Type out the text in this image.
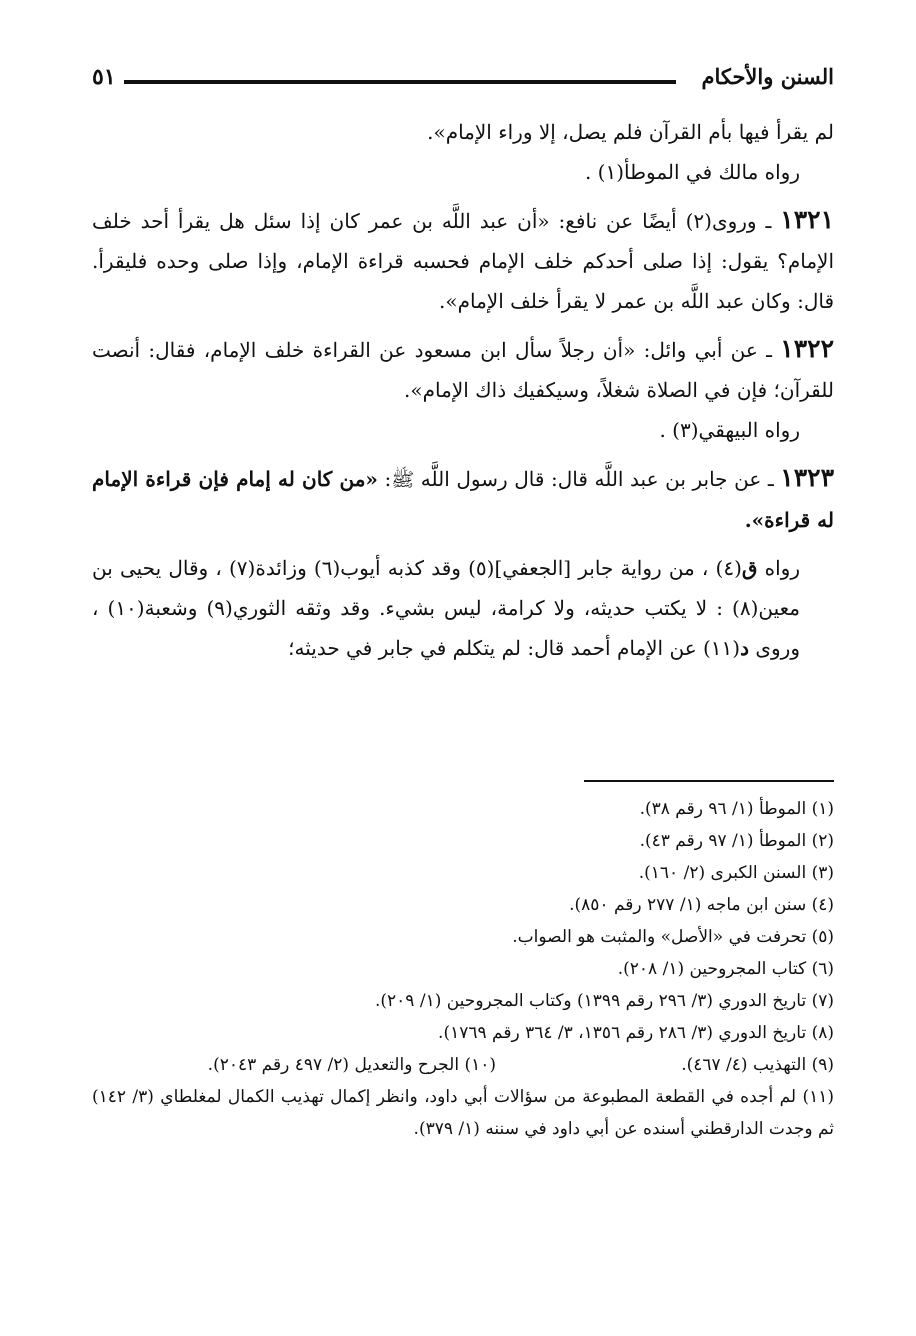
السنن والأحكام
٥١

لم يقرأ فيها بأم القرآن فلم يصل، إلا وراء الإمام».

رواه مالك في الموطأ(١) .

١٣٢١ ـ وروى(٢) أيضًا عن نافع: «أن عبد اللَّه بن عمر كان إذا سئل هل يقرأ أحد خلف الإمام؟ يقول: إذا صلى أحدكم خلف الإمام فحسبه قراءة الإمام، وإذا صلى وحده فليقرأ. قال: وكان عبد اللَّه بن عمر لا يقرأ خلف الإمام».

١٣٢٢ ـ عن أبي وائل: «أن رجلاً سأل ابن مسعود عن القراءة خلف الإمام، فقال: أنصت للقرآن؛ فإن في الصلاة شغلاً، وسيكفيك ذاك الإمام».

رواه البيهقي(٣) .

١٣٢٣ ـ عن جابر بن عبد اللَّه قال: قال رسول اللَّه ﷺ: «من كان له إمام فإن قراءة الإمام له قراءة».

رواه ق(٤) ، من رواية جابر [الجعفي](٥) وقد كذبه أيوب(٦) وزائدة(٧) ، وقال يحيى بن معين(٨) : لا يكتب حديثه، ولا كرامة، ليس بشيء. وقد وثقه الثوري(٩) وشعبة(١٠) ، وروى د(١١) عن الإمام أحمد قال: لم يتكلم في جابر في حديثه؛

(١) الموطأ (١/ ٩٦ رقم ٣٨).

(٢) الموطأ (١/ ٩٧ رقم ٤٣).

(٣) السنن الكبرى (٢/ ١٦٠).

(٤) سنن ابن ماجه (١/ ٢٧٧ رقم ٨٥٠).

(٥) تحرفت في «الأصل» والمثبت هو الصواب.

(٦) كتاب المجروحين (١/ ٢٠٨).

(٧) تاريخ الدوري (٣/ ٢٩٦ رقم ١٣٩٩) وكتاب المجروحين (١/ ٢٠٩).

(٨) تاريخ الدوري (٣/ ٢٨٦ رقم ١٣٥٦، ٣/ ٣٦٤ رقم ١٧٦٩).

(٩) التهذيب (٤/ ٤٦٧).
(١٠) الجرح والتعديل (٢/ ٤٩٧ رقم ٢٠٤٣).

(١١) لم أجده في القطعة المطبوعة من سؤالات أبي داود، وانظر إكمال تهذيب الكمال لمغلطاي (٣/ ١٤٢) ثم وجدت الدارقطني أسنده عن أبي داود في سننه (١/ ٣٧٩).
